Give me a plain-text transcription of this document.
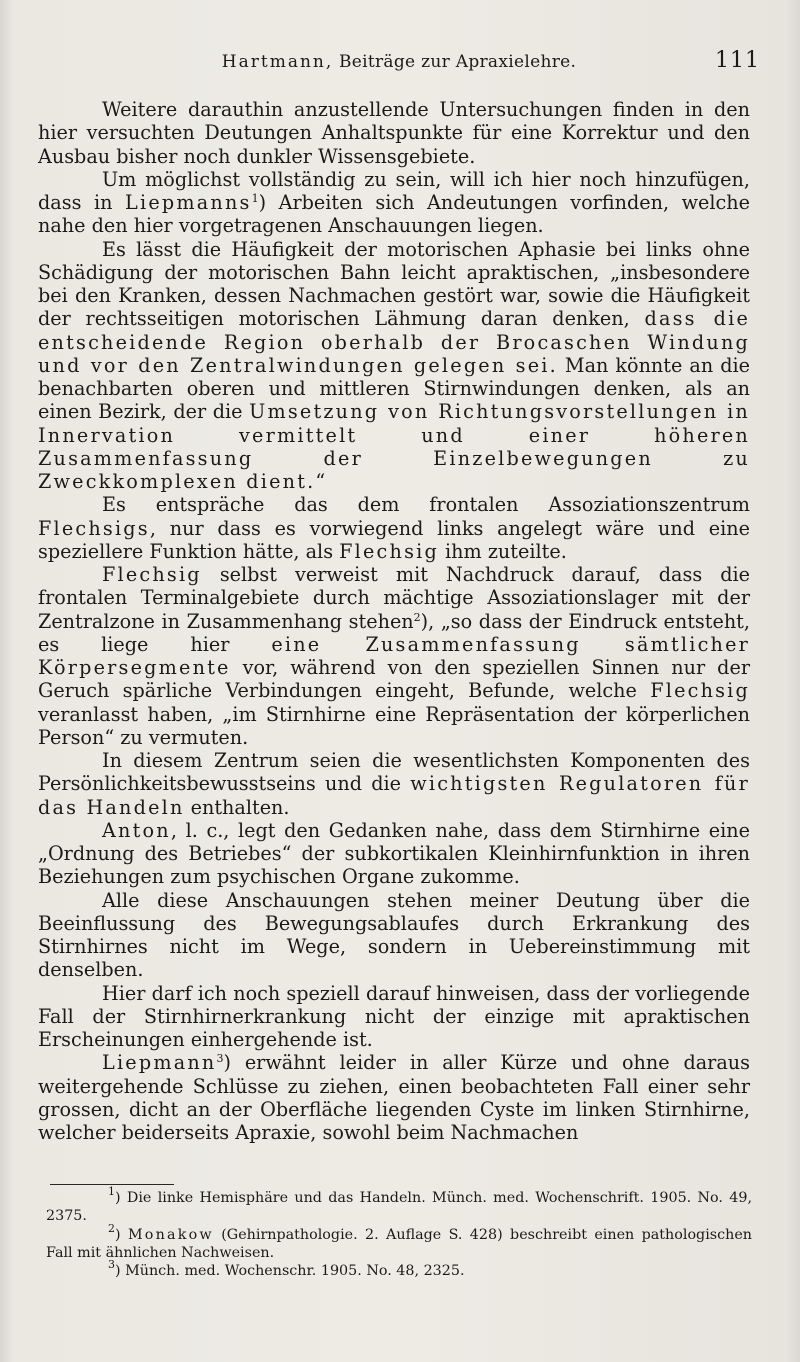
Hartmann, Beiträge zur Apraxielehre.	111

Weitere darauthin anzustellende Untersuchungen finden in den hier versuchten Deutungen Anhaltspunkte für eine Korrektur und den Ausbau bisher noch dunkler Wissensgebiete.

Um möglichst vollständig zu sein, will ich hier noch hinzufügen, dass in Liepmanns$^1$) Arbeiten sich Andeutungen vorfinden, welche nahe den hier vorgetragenen Anschauungen liegen.

Es lässt die Häufigkeit der motorischen Aphasie bei links ohne Schädigung der motorischen Bahn leicht apraktischen, „insbesondere bei den Kranken, dessen Nachmachen gestört war, sowie die Häufigkeit der rechtsseitigen motorischen Lähmung daran denken, dass die entscheidende Region oberhalb der Brocaschen Windung und vor den Zentralwindungen gelegen sei. Man könnte an die benachbarten oberen und mittleren Stirnwindungen denken, als an einen Bezirk, der die Umsetzung von Richtungsvorstellungen in Innervation vermittelt und einer höheren Zusammenfassung der Einzelbewegungen zu Zweckkomplexen dient.“

Es entspräche das dem frontalen Assoziationszentrum Flechsigs, nur dass es vorwiegend links angelegt wäre und eine speziellere Funktion hätte, als Flechsig ihm zuteilte.

Flechsig selbst verweist mit Nachdruck darauf, dass die frontalen Terminalgebiete durch mächtige Assoziationslager mit der Zentralzone in Zusammenhang stehen$^2$), „so dass der Eindruck entsteht, es liege hier eine Zusammenfassung sämtlicher Körpersegmente vor, während von den speziellen Sinnen nur der Geruch spärliche Verbindungen eingeht, Befunde, welche Flechsig veranlasst haben, „im Stirnhirne eine Repräsentation der körperlichen Person“ zu vermuten.

In diesem Zentrum seien die wesentlichsten Komponenten des Persönlichkeitsbewusstseins und die wichtigsten Regulatoren für das Handeln enthalten.

Anton, l. c., legt den Gedanken nahe, dass dem Stirnhirne eine „Ordnung des Betriebes“ der subkortikalen Kleinhirnfunktion in ihren Beziehungen zum psychischen Organe zukomme.

Alle diese Anschauungen stehen meiner Deutung über die Beeinflussung des Bewegungsablaufes durch Erkrankung des Stirnhirnes nicht im Wege, sondern in Uebereinstimmung mit denselben.

Hier darf ich noch speziell darauf hinweisen, dass der vorliegende Fall der Stirnhirnerkrankung nicht der einzige mit apraktischen Erscheinungen einhergehende ist.

Liepmann$^3$) erwähnt leider in aller Kürze und ohne daraus weitergehende Schlüsse zu ziehen, einen beobachteten Fall einer sehr grossen, dicht an der Oberfläche liegenden Cyste im linken Stirnhirne, welcher beiderseits Apraxie, sowohl beim Nachmachen

$^1$) Die linke Hemisphäre und das Handeln. Münch. med. Wochenschrift. 1905. No. 49, 2375.

$^2$) Monakow (Gehirnpathologie. 2. Auflage S. 428) beschreibt einen pathologischen Fall mit ähnlichen Nachweisen.

$^3$) Münch. med. Wochenschr. 1905. No. 48, 2325.
